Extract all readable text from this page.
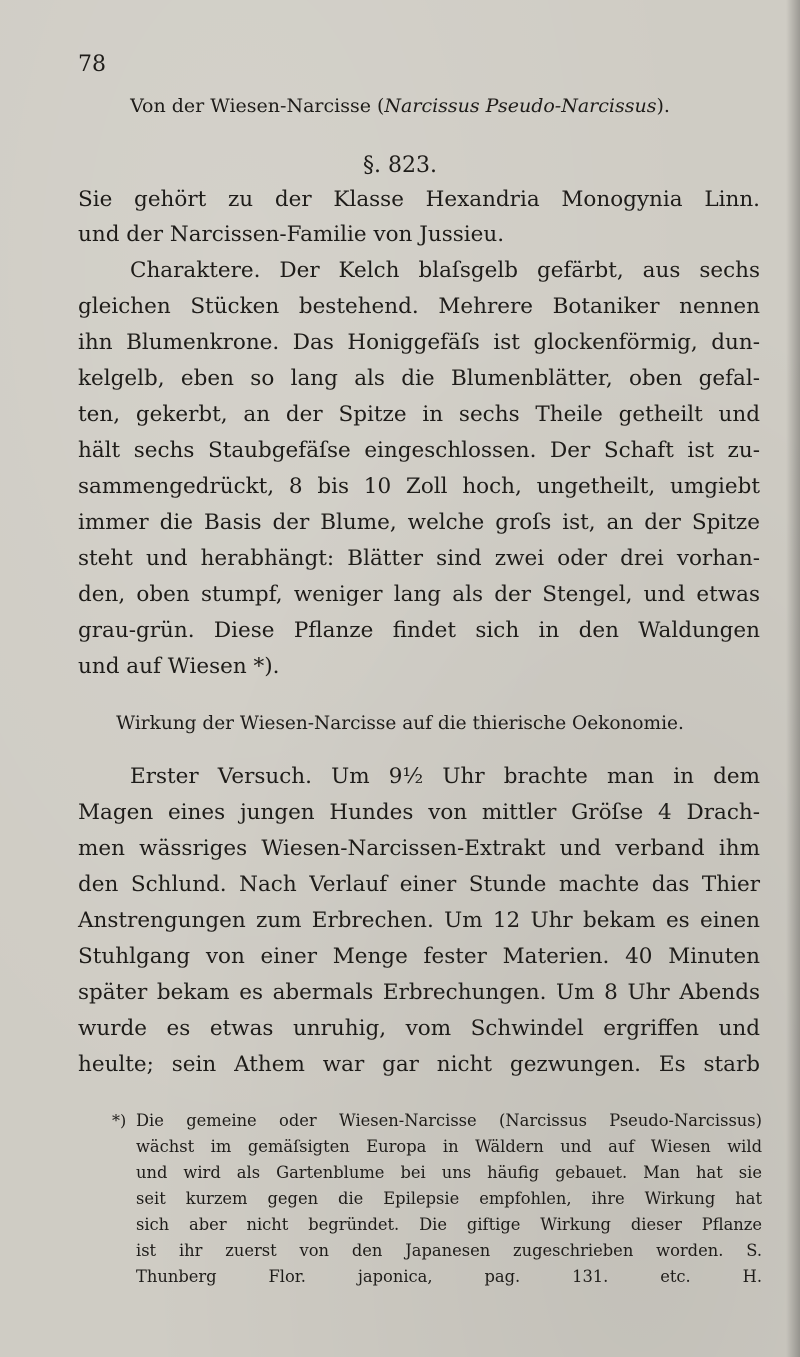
78
Von der Wiesen-Narcisse (Narcissus Pseudo-Narcissus).
§. 823.
Sie gehört zu der Klasse Hexandria Monogynia Linn.
und der Narcissen-Familie von Jussieu.
Charaktere. Der Kelch blaſsgelb gefärbt, aus sechs
gleichen Stücken bestehend. Mehrere Botaniker nennen
ihn Blumenkrone. Das Honiggefäſs ist glockenförmig, dun-
kelgelb, eben so lang als die Blumenblätter, oben gefal-
ten, gekerbt, an der Spitze in sechs Theile getheilt und
hält sechs Staubgefäſse eingeschlossen. Der Schaft ist zu-
sammengedrückt, 8 bis 10 Zoll hoch, ungetheilt, umgiebt
immer die Basis der Blume, welche groſs ist, an der Spitze
steht und herabhängt: Blätter sind zwei oder drei vorhan-
den, oben stumpf, weniger lang als der Stengel, und etwas
grau-grün. Diese Pflanze findet sich in den Waldungen
und auf Wiesen *).
Wirkung der Wiesen-Narcisse auf die thierische Oekonomie.
Erster Versuch. Um 9½ Uhr brachte man in dem
Magen eines jungen Hundes von mittler Gröſse 4 Drach-
men wässriges Wiesen-Narcissen-Extrakt und verband ihm
den Schlund. Nach Verlauf einer Stunde machte das Thier
Anstrengungen zum Erbrechen. Um 12 Uhr bekam es einen
Stuhlgang von einer Menge fester Materien. 40 Minuten
später bekam es abermals Erbrechungen. Um 8 Uhr Abends
wurde es etwas unruhig, vom Schwindel ergriffen und
heulte; sein Athem war gar nicht gezwungen. Es starb
*) Die gemeine oder Wiesen-Narcisse (Narcissus Pseudo-Narcissus)
wächst im gemäſsigten Europa in Wäldern und auf Wiesen wild
und wird als Gartenblume bei uns häufig gebauet. Man hat sie
seit kurzem gegen die Epilepsie empfohlen, ihre Wirkung hat
sich aber nicht begründet. Die giftige Wirkung dieser Pflanze
ist ihr zuerst von den Japanesen zugeschrieben worden. S.
Thunberg Flor. japonica, pag. 131. etc. H.
